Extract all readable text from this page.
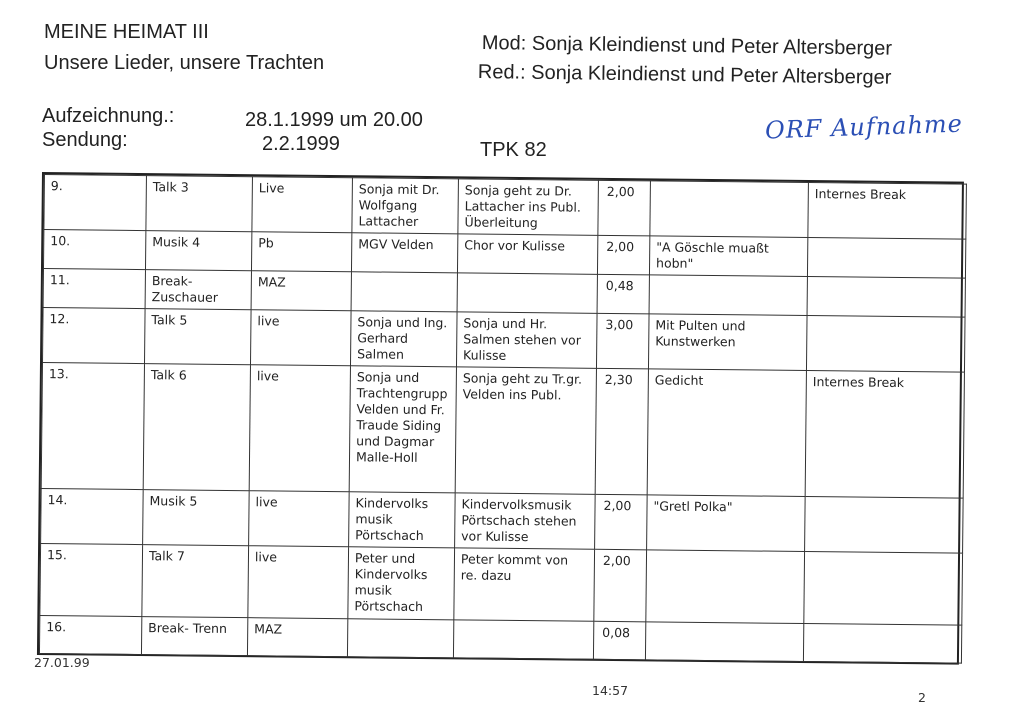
MEINE HEIMAT III
Unsere Lieder, unsere Trachten
Mod: Sonja Kleindienst und Peter Altersberger
Red.: Sonja Kleindienst und Peter Altersberger
Aufzeichnung.:	28.1.1999 um 20.00
Sendung:	2.2.1999	TPK 82
ORF Aufnahme
9.	Talk 3	Live	Sonja mit Dr. Wolfgang Lattacher	Sonja geht zu Dr. Lattacher ins Publ. Überleitung	2,00		Internes Break
10.	Musik 4	Pb	MGV Velden	Chor vor Kulisse	2,00	"A Göschle muaßt hobn"	
11.	Break-Zuschauer	MAZ			0,48		
12.	Talk 5	live	Sonja und Ing. Gerhard Salmen	Sonja und Hr. Salmen stehen vor Kulisse	3,00	Mit Pulten und Kunstwerken	
13.	Talk 6	live	Sonja und Trachtengrupp Velden und Fr. Traude Siding und Dagmar Malle-Holl	Sonja geht zu Tr.gr. Velden ins Publ.	2,30	Gedicht	Internes Break
14.	Musik 5	live	Kindervolks musik Pörtschach	Kindervolksmusik Pörtschach stehen vor Kulisse	2,00	"Gretl Polka"	
15.	Talk 7	live	Peter und Kindervolks musik Pörtschach	Peter kommt von re. dazu	2,00		
16.	Break- Trenn	MAZ			0,08		
27.01.99
14:57	2
